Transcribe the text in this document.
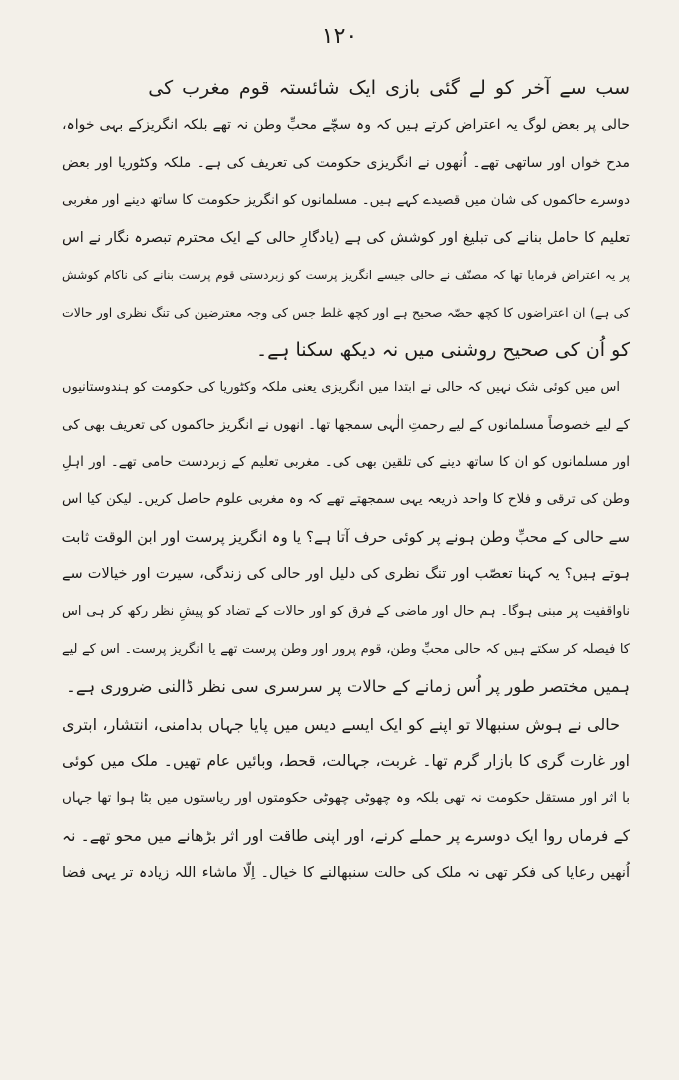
۱۲۰
سب سے آخر کو لے گئی بازی ایک شائستہ قوم مغرب کی
حالی پر بعض لوگ یہ اعتراض کرتے ہیں کہ وہ سچّے محبِّ وطن نہ تھے بلکہ انگریزکے بہی خواہ،
مدح خواں اور ساتھی تھے۔ اُنھوں نے انگریزی حکومت کی تعریف کی ہے۔ ملکہ وکٹوریا اور بعض
دوسرے حاکموں کی شان میں قصیدے کہے ہیں۔ مسلمانوں کو انگریز حکومت کا ساتھ دینے اور مغربی
تعلیم کا حامل بنانے کی تبلیغ اور کوشش کی ہے (یادگارِ حالی کے ایک محترم تبصرہ نگار نے اس
پر یہ اعتراض فرمایا تھا کہ مصنّف نے حالی جیسے انگریز پرست کو زبردستی قوم پرست بنانے کی ناکام کوشش
کی ہے) ان اعتراضوں کا کچھ حصّہ صحیح ہے اور کچھ غلط جس کی وجہ معترضین کی تنگ نظری اور حالات
کو اُن کی صحیح روشنی میں نہ دیکھ سکنا ہے۔
اس میں کوئی شک نہیں کہ حالی نے ابتدا میں انگریزی یعنی ملکہ وکٹوریا کی حکومت کو ہندوستانیوں
کے لیے خصوصاً مسلمانوں کے لیے رحمتِ الٰہی سمجھا تھا۔ انھوں نے انگریز حاکموں کی تعریف بھی کی
اور مسلمانوں کو ان کا ساتھ دینے کی تلقین بھی کی۔ مغربی تعلیم کے زبردست حامی تھے۔ اور اہلِ
وطن کی ترقی و فلاح کا واحد ذریعہ یہی سمجھتے تھے کہ وہ مغربی علوم حاصل کریں۔ لیکن کیا اس
سے حالی کے محبِّ وطن ہونے پر کوئی حرف آتا ہے؟ یا وہ انگریز پرست اور ابن الوقت ثابت
ہوتے ہیں؟ یہ کہنا تعصّب اور تنگ نظری کی دلیل اور حالی کی زندگی، سیرت اور خیالات سے
ناواقفیت پر مبنی ہوگا۔ ہم حال اور ماضی کے فرق کو اور حالات کے تضاد کو پیشِ نظر رکھ کر ہی اس
کا فیصلہ کر سکتے ہیں کہ حالی محبِّ وطن، قوم پرور اور وطن پرست تھے یا انگریز پرست۔ اس کے لیے
ہمیں مختصر طور پر اُس زمانے کے حالات پر سرسری سی نظر ڈالنی ضروری ہے۔
حالی نے ہوش سنبھالا تو اپنے کو ایک ایسے دیس میں پایا جہاں بدامنی، انتشار، ابتری
اور غارت گری کا بازار گرم تھا۔ غربت، جہالت، قحط، وبائیں عام تھیں۔ ملک میں کوئی
با اثر اور مستقل حکومت نہ تھی بلکہ وہ چھوٹی چھوٹی حکومتوں اور ریاستوں میں بٹا ہوا تھا جہاں
کے فرماں روا ایک دوسرے پر حملے کرنے، اور اپنی طاقت اور اثر بڑھانے میں محو تھے۔ نہ
اُنھیں رعایا کی فکر تھی نہ ملک کی حالت سنبھالنے کا خیال۔ اِلّا ماشاء اللہ زیادہ تر یہی فضا
